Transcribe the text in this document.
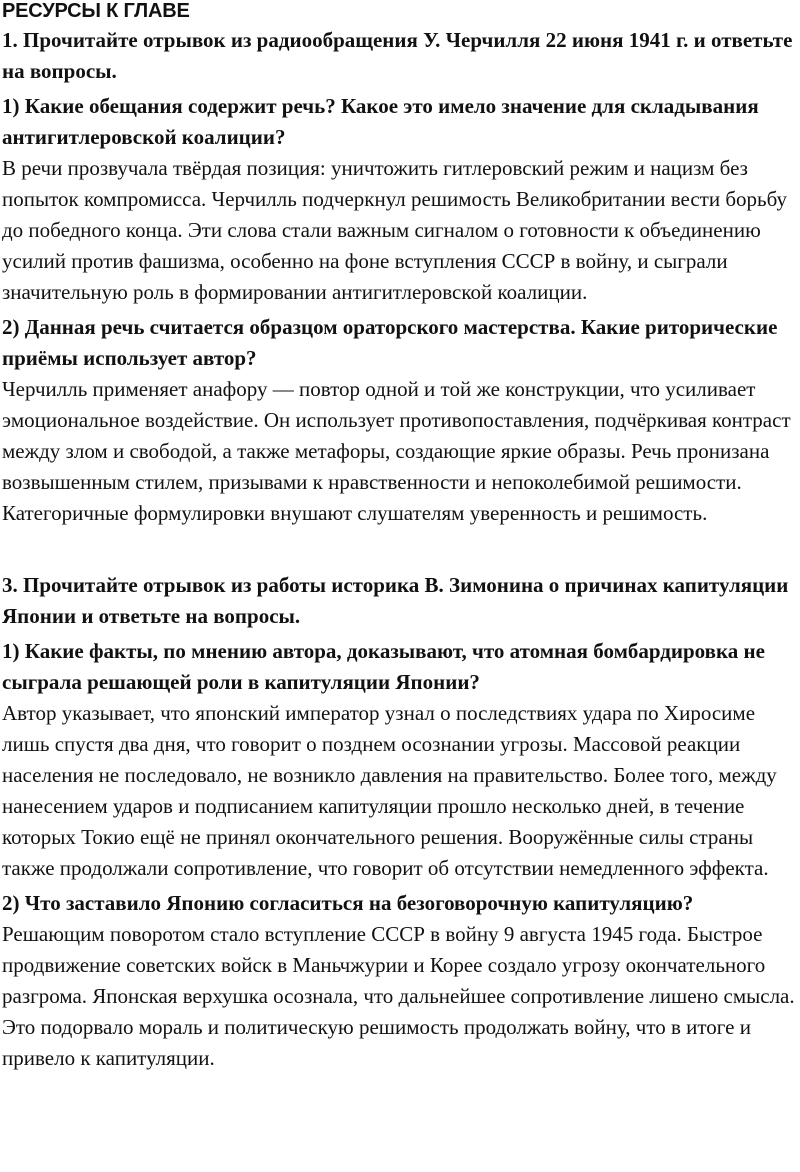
РЕСУРСЫ К ГЛАВЕ

1. Прочитайте отрывок из радиообращения У. Черчилля 22 июня 1941 г. и ответьте на вопросы.

1) Какие обещания содержит речь? Какое это имело значение для складывания антигитлеровской коалиции?

В речи прозвучала твёрдая позиция: уничтожить гитлеровский режим и нацизм без попыток компромисса. Черчилль подчеркнул решимость Великобритании вести борьбу до победного конца. Эти слова стали важным сигналом о готовности к объединению усилий против фашизма, особенно на фоне вступления СССР в войну, и сыграли значительную роль в формировании антигитлеровской коалиции.

2) Данная речь считается образцом ораторского мастерства. Какие риторические приёмы использует автор?

Черчилль применяет анафору — повтор одной и той же конструкции, что усиливает эмоциональное воздействие. Он использует противопоставления, подчёркивая контраст между злом и свободой, а также метафоры, создающие яркие образы. Речь пронизана возвышенным стилем, призывами к нравственности и непоколебимой решимости. Категоричные формулировки внушают слушателям уверенность и решимость.

3. Прочитайте отрывок из работы историка В. Зимонина о причинах капитуляции Японии и ответьте на вопросы.

1) Какие факты, по мнению автора, доказывают, что атомная бомбардировка не сыграла решающей роли в капитуляции Японии?

Автор указывает, что японский император узнал о последствиях удара по Хиросиме лишь спустя два дня, что говорит о позднем осознании угрозы. Массовой реакции населения не последовало, не возникло давления на правительство. Более того, между нанесением ударов и подписанием капитуляции прошло несколько дней, в течение которых Токио ещё не принял окончательного решения. Вооружённые силы страны также продолжали сопротивление, что говорит об отсутствии немедленного эффекта.

2) Что заставило Японию согласиться на безоговорочную капитуляцию?

Решающим поворотом стало вступление СССР в войну 9 августа 1945 года. Быстрое продвижение советских войск в Маньчжурии и Корее создало угрозу окончательного разгрома. Японская верхушка осознала, что дальнейшее сопротивление лишено смысла. Это подорвало мораль и политическую решимость продолжать войну, что в итоге и привело к капитуляции.
